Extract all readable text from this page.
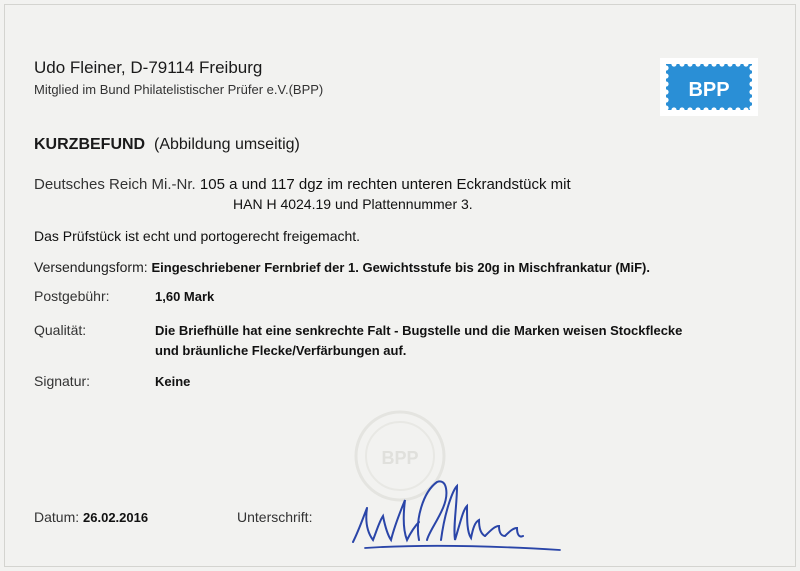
Udo Fleiner, D-79114 Freiburg
Mitglied im Bund Philatelistischer Prüfer e.V.(BPP)	BPP
KURZBEFUND (Abbildung umseitig)
Deutsches Reich Mi.-Nr. 105 a und 117 dgz im rechten unteren Eckrandstück mit
HAN H 4024.19 und Plattennummer 3.
Das Prüfstück ist echt und portogerecht freigemacht.
Versendungsform: Eingeschriebener Fernbrief der 1. Gewichtsstufe bis 20g in Mischfrankatur (MiF).
Postgebühr:	1,60 Mark
Qualität:	Die Briefhülle hat eine senkrechte Falt - Bugstelle und die Marken weisen Stockflecke
und bräunliche Flecke/Verfärbungen auf.
Signatur:	Keine
BPP
Datum: 26.02.2016	Unterschrift:
